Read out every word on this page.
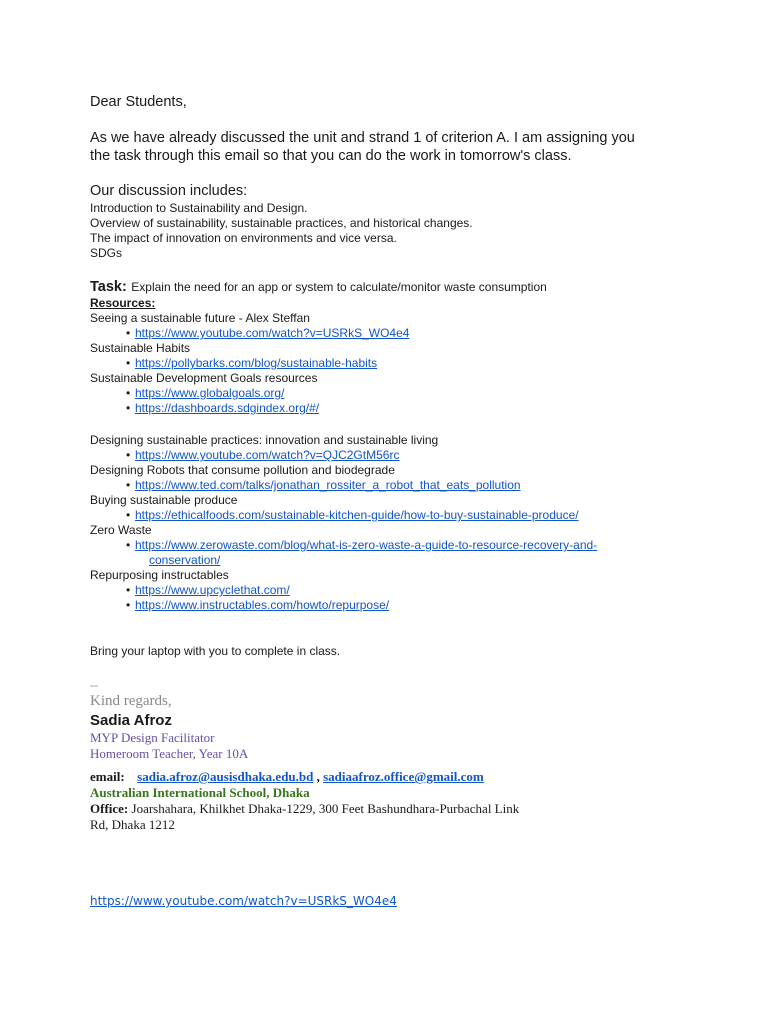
Dear Students,
As we have already discussed the unit and strand 1 of criterion A. I am assigning you
the task through this email so that you can do the work in tomorrow's class.
Our discussion includes:
Introduction to Sustainability and Design.
Overview of sustainability, sustainable practices, and historical changes.
The impact of innovation on environments and vice versa.
SDGs
Task: Explain the need for an app or system to calculate/monitor waste consumption
Resources:
Seeing a sustainable future - Alex Steffan
• https://www.youtube.com/watch?v=USRkS_WO4e4
Sustainable Habits
• https://pollybarks.com/blog/sustainable-habits
Sustainable Development Goals resources
• https://www.globalgoals.org/
• https://dashboards.sdgindex.org/#/
Designing sustainable practices: innovation and sustainable living
• https://www.youtube.com/watch?v=QJC2GtM56rc
Designing Robots that consume pollution and biodegrade
• https://www.ted.com/talks/jonathan_rossiter_a_robot_that_eats_pollution
Buying sustainable produce
• https://ethicalfoods.com/sustainable-kitchen-guide/how-to-buy-sustainable-produce/
Zero Waste
• https://www.zerowaste.com/blog/what-is-zero-waste-a-guide-to-resource-recovery-and-
conservation/
Repurposing instructables
• https://www.upcyclethat.com/
• https://www.instructables.com/howto/repurpose/
Bring your laptop with you to complete in class.
--
Kind regards,
Sadia Afroz
MYP Design Facilitator
Homeroom Teacher, Year 10A
email: sadia.afroz@ausisdhaka.edu.bd , sadiaafroz.office@gmail.com
Australian International School, Dhaka
Office: Joarshahara, Khilkhet Dhaka-1229, 300 Feet Bashundhara-Purbachal Link
Rd, Dhaka 1212
https://www.youtube.com/watch?v=USRkS_WO4e4
